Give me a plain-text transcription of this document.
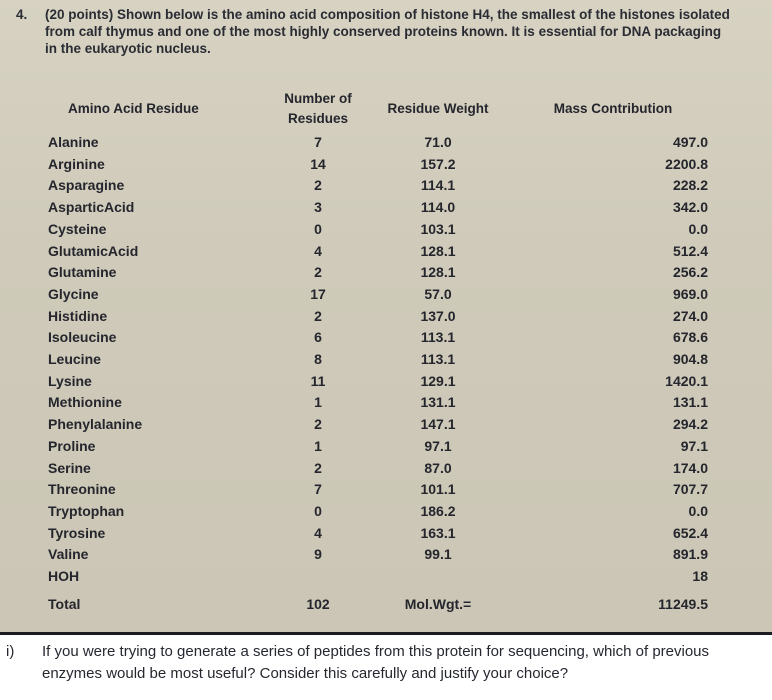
4. (20 points) Shown below is the amino acid composition of histone H4, the smallest of the histones isolated from calf thymus and one of the most highly conserved proteins known. It is essential for DNA packaging in the eukaryotic nucleus.
Amino Acid Residue	Number of Residues	Residue Weight	Mass Contribution
Alanine	7	71.0	497.0
Arginine	14	157.2	2200.8
Asparagine	2	114.1	228.2
AsparticAcid	3	114.0	342.0
Cysteine	0	103.1	0.0
GlutamicAcid	4	128.1	512.4
Glutamine	2	128.1	256.2
Glycine	17	57.0	969.0
Histidine	2	137.0	274.0
Isoleucine	6	113.1	678.6
Leucine	8	113.1	904.8
Lysine	11	129.1	1420.1
Methionine	1	131.1	131.1
Phenylalanine	2	147.1	294.2
Proline	1	97.1	97.1
Serine	2	87.0	174.0
Threonine	7	101.1	707.7
Tryptophan	0	186.2	0.0
Tyrosine	4	163.1	652.4
Valine	9	99.1	891.9
HOH			18
Total	102	Mol.Wgt.=	11249.5
i) If you were trying to generate a series of peptides from this protein for sequencing, which of previous enzymes would be most useful? Consider this carefully and justify your choice?
